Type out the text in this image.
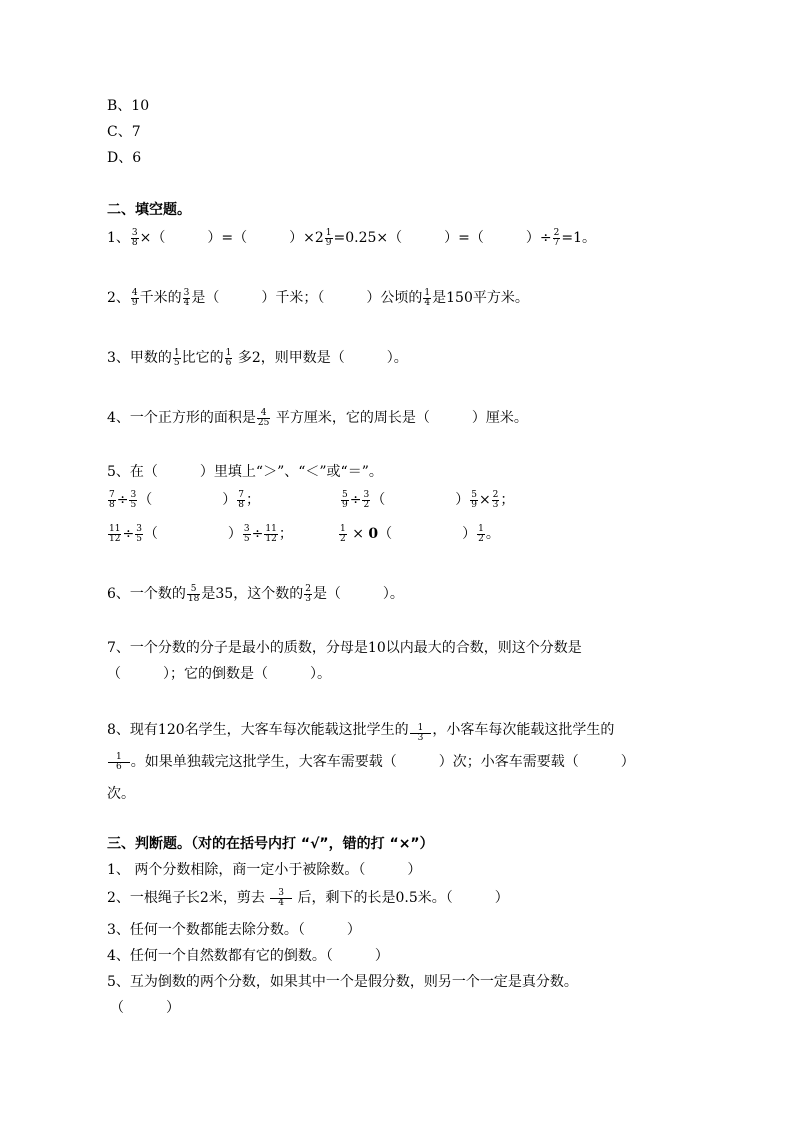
B、10
C、7
D、6
二、填空题。
1、 $\frac{3}{8}$ ×（　　　）=（　　　）$\times 2 \frac{1}{9} =0.25\times$（　　　）=（　　　）÷ $\frac{2}{7} =1$。
2、 $\frac{4}{9}$ 千米的 $\frac{3}{4}$ 是（　　　）千米；（　　　）公顷的 $\frac{1}{4}$ 是150平方米。
3、甲数的 $\frac{1}{5}$ 比它的 $\frac{1}{6}$ 多2，则甲数是（　　　）。
4、一个正方形的面积是 $\frac{4}{25}$ 平方厘米，它的周长是（　　　）厘米。
5、在（　　　）里填上“＞”、“＜”或“＝”。
$\frac{7}{8} \div \frac{3}{5}$ （　　　　　） $\frac{7}{8}$ ；	$\frac{5}{9} \div \frac{3}{2}$ （　　　　　） $\frac{5}{9} \times \frac{2}{3}$ ；
$\frac{11}{12} \div \frac{3}{5}$ （　　　　　） $\frac{3}{5} \div \frac{11}{12}$ ；	$\frac{1}{2} \times 0$（　　　　　） $\frac{1}{2}$ 。
6、一个数的 $\frac{5}{18}$ 是35，这个数的 $\frac{2}{3}$ 是（　　　）。
7、一个分数的分子是最小的质数，分母是10以内最大的合数，则这个分数是
（　　　）；它的倒数是（　　　）。
8、现有120名学生，大客车每次能载这批学生的 $\frac{1}{3}$ ，小客车每次能载这批学生的
$\frac{1}{6}$ 。如果单独载完这批学生，大客车需要载（　　　）次；小客车需要载（　　　）
次。
三、判断题。（对的在括号内打 “√”，错的打 “×”）
1、 两个分数相除，商一定小于被除数。（　　　）
2、一根绳子长2米，剪去 $\frac{3}{4}$ 后，剩下的长是0.5米。（　　　）
3、任何一个数都能去除分数。（　　　）
4、任何一个自然数都有它的倒数。（　　　）
5、互为倒数的两个分数，如果其中一个是假分数，则另一个一定是真分数。
（　　　）
